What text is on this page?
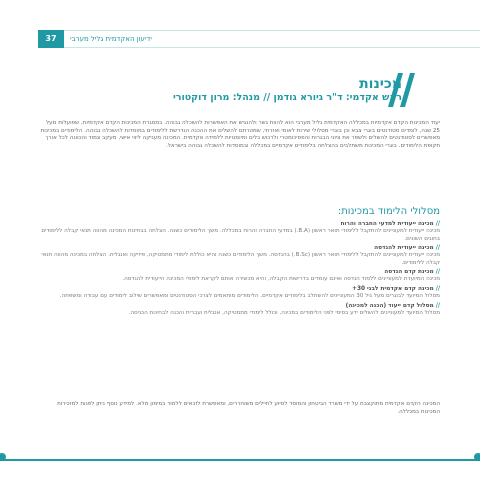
37	ידיעון האקדמית גליל מערבי
מכינות
ראש אקדמי: ד"ר גיורא גודמן // מנהל: מרון דוקטורי
יעוד המכינות הקדם אקדמיות במכללה האקדמית גליל מערבי הוא להוות גשר ולהנגיש את האפשרות להשכלה גבוהה. במסגרת המכינות הקדם אקדמיות, שפועלות מעל 25 שנה, לומדים סטודנטים בוגרי צבא וכן בוגרי מסלולי שירות לאומי ואזרחי, שמטרתם להשלים את ההכנה הנדרשת ללימודים במוסדות להשכלה גבוהה. הלימודים במכינות מאפשרים לסטודנטים להשלים ולשפר את ציוני הבגרות והפסיכומטרי ולרכוש כלים ומיומנויות ללמידה אקדמית. המכינה מעניקה ליווי אישי, מעקב צמוד והכוונה לכל אורך תקופת הלימודים. בוגרי המכינות משתלבים בהצלחה בלימודים אקדמיים במכללה ובמוסדות להשכלה גבוהה בישראל.
מסלולי הלימוד במכינות:
//מכינה ייעודית למדעי החברה והרוח
מכינה ייעודית למעוניינים להתקבל ללימודי תואר ראשון (B.A.) במדעי החברה והרוח במכללה. משך הלימודים כשנה. הצלחה בבחינות המכינה מהווה תנאי קבלה ללימודים בחוגים השונים.
//מכינה ייעודית להנדסה
מכינה ייעודית למעוניינים להתקבל ללימודי תואר ראשון (B.Sc.) בהנדסה. משך הלימודים כשנה והיא כוללת לימודי מתמטיקה, פיזיקה ואנגלית. הצלחה במכינה מהווה תנאי קבלה ללימודים.
//מכינת קדם הנדסה
מכינה המיועדת למעוניינים ללמוד הנדסה ואינם עומדים בדרישות הקבלה, והיא מכשירה אותם לקראת לימודי המכינה הייעודית להנדסה.
//מכינה קדם אקדמית לבני 30+
מסלול המיועד לבוגרים מעל גיל 30 המעוניינים להשתלב בלימודים אקדמיים. הלימודים מותאמים לצרכי הסטודנטים ומאפשרים שילוב לימודים עם עבודה ומשפחה.
//מסלול קדם ייעוד (הכנה למכינה)
מסלול המיועד למעוניינים להשלים ידע בסיסי לפני הלימודים במכינה, וכולל לימודי מתמטיקה, אנגלית ועברית והכנה לבחינות הכניסה.
המכינה הקדם אקדמית מתוקצבת על ידי משרד הביטחון והמוסד לסיוע לחיילים משוחררים, ומאפשרת לזכאים ללמוד במימון מלא. למידע נוסף ניתן לפנות למזכירות המכינות במכללה.
